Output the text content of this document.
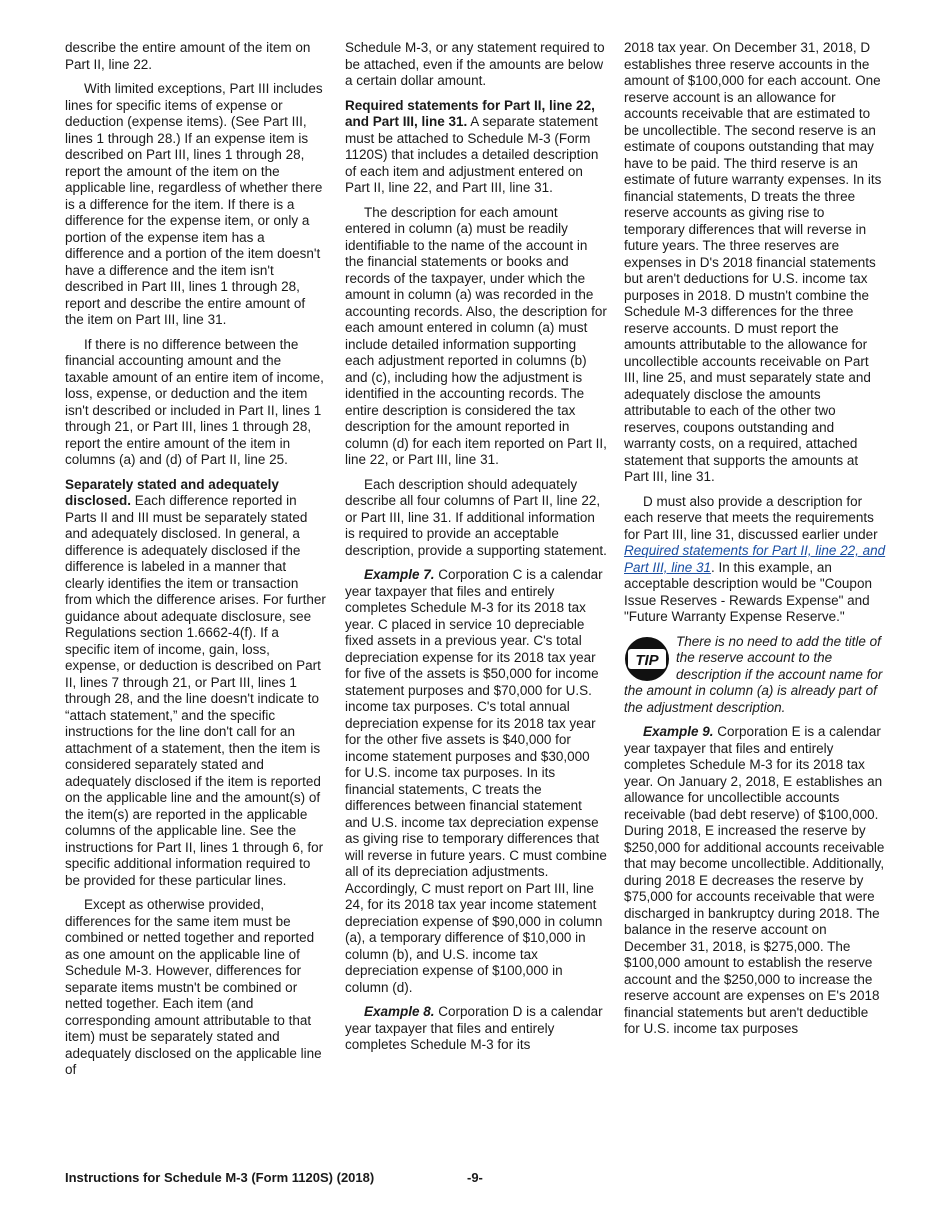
describe the entire amount of the item on Part II, line 22.

With limited exceptions, Part III includes lines for specific items of expense or deduction (expense items). (See Part III, lines 1 through 28.) If an expense item is described on Part III, lines 1 through 28, report the amount of the item on the applicable line, regardless of whether there is a difference for the item. If there is a difference for the expense item, or only a portion of the expense item has a difference and a portion of the item doesn't have a difference and the item isn't described in Part III, lines 1 through 28, report and describe the entire amount of the item on Part III, line 31.

If there is no difference between the financial accounting amount and the taxable amount of an entire item of income, loss, expense, or deduction and the item isn't described or included in Part II, lines 1 through 21, or Part III, lines 1 through 28, report the entire amount of the item in columns (a) and (d) of Part II, line 25.

Separately stated and adequately disclosed. Each difference reported in Parts II and III must be separately stated and adequately disclosed. In general, a difference is adequately disclosed if the difference is labeled in a manner that clearly identifies the item or transaction from which the difference arises. For further guidance about adequate disclosure, see Regulations section 1.6662-4(f). If a specific item of income, gain, loss, expense, or deduction is described on Part II, lines 7 through 21, or Part III, lines 1 through 28, and the line doesn't indicate to “attach statement,” and the specific instructions for the line don't call for an attachment of a statement, then the item is considered separately stated and adequately disclosed if the item is reported on the applicable line and the amount(s) of the item(s) are reported in the applicable columns of the applicable line. See the instructions for Part II, lines 1 through 6, for specific additional information required to be provided for these particular lines.

Except as otherwise provided, differences for the same item must be combined or netted together and reported as one amount on the applicable line of Schedule M-3. However, differences for separate items mustn't be combined or netted together. Each item (and corresponding amount attributable to that item) must be separately stated and adequately disclosed on the applicable line of

Schedule M-3, or any statement required to be attached, even if the amounts are below a certain dollar amount.

Required statements for Part II, line 22, and Part III, line 31. A separate statement must be attached to Schedule M-3 (Form 1120S) that includes a detailed description of each item and adjustment entered on Part II, line 22, and Part III, line 31.

The description for each amount entered in column (a) must be readily identifiable to the name of the account in the financial statements or books and records of the taxpayer, under which the amount in column (a) was recorded in the accounting records. Also, the description for each amount entered in column (a) must include detailed information supporting each adjustment reported in columns (b) and (c), including how the adjustment is identified in the accounting records. The entire description is considered the tax description for the amount reported in column (d) for each item reported on Part II, line 22, or Part III, line 31.

Each description should adequately describe all four columns of Part II, line 22, or Part III, line 31. If additional information is required to provide an acceptable description, provide a supporting statement.

Example 7. Corporation C is a calendar year taxpayer that files and entirely completes Schedule M-3 for its 2018 tax year. C placed in service 10 depreciable fixed assets in a previous year. C's total depreciation expense for its 2018 tax year for five of the assets is $50,000 for income statement purposes and $70,000 for U.S. income tax purposes. C's total annual depreciation expense for its 2018 tax year for the other five assets is $40,000 for income statement purposes and $30,000 for U.S. income tax purposes. In its financial statements, C treats the differences between financial statement and U.S. income tax depreciation expense as giving rise to temporary differences that will reverse in future years. C must combine all of its depreciation adjustments. Accordingly, C must report on Part III, line 24, for its 2018 tax year income statement depreciation expense of $90,000 in column (a), a temporary difference of $10,000 in column (b), and U.S. income tax depreciation expense of $100,000 in column (d).

Example 8. Corporation D is a calendar year taxpayer that files and entirely completes Schedule M-3 for its

2018 tax year. On December 31, 2018, D establishes three reserve accounts in the amount of $100,000 for each account. One reserve account is an allowance for accounts receivable that are estimated to be uncollectible. The second reserve is an estimate of coupons outstanding that may have to be paid. The third reserve is an estimate of future warranty expenses. In its financial statements, D treats the three reserve accounts as giving rise to temporary differences that will reverse in future years. The three reserves are expenses in D's 2018 financial statements but aren't deductions for U.S. income tax purposes in 2018. D mustn't combine the Schedule M-3 differences for the three reserve accounts. D must report the amounts attributable to the allowance for uncollectible accounts receivable on Part III, line 25, and must separately state and adequately disclose the amounts attributable to each of the other two reserves, coupons outstanding and warranty costs, on a required, attached statement that supports the amounts at Part III, line 31.

D must also provide a description for each reserve that meets the requirements for Part III, line 31, discussed earlier under Required statements for Part II, line 22, and Part III, line 31. In this example, an acceptable description would be "Coupon Issue Reserves - Rewards Expense" and "Future Warranty Expense Reserve."

TIP
There is no need to add the title of the reserve account to the description if the account name for the amount in column (a) is already part of the adjustment description.

Example 9. Corporation E is a calendar year taxpayer that files and entirely completes Schedule M-3 for its 2018 tax year. On January 2, 2018, E establishes an allowance for uncollectible accounts receivable (bad debt reserve) of $100,000. During 2018, E increased the reserve by $250,000 for additional accounts receivable that may become uncollectible. Additionally, during 2018 E decreases the reserve by $75,000 for accounts receivable that were discharged in bankruptcy during 2018. The balance in the reserve account on December 31, 2018, is $275,000. The $100,000 amount to establish the reserve account and the $250,000 to increase the reserve account are expenses on E's 2018 financial statements but aren't deductible for U.S. income tax purposes

Instructions for Schedule M-3 (Form 1120S) (2018)	-9-
